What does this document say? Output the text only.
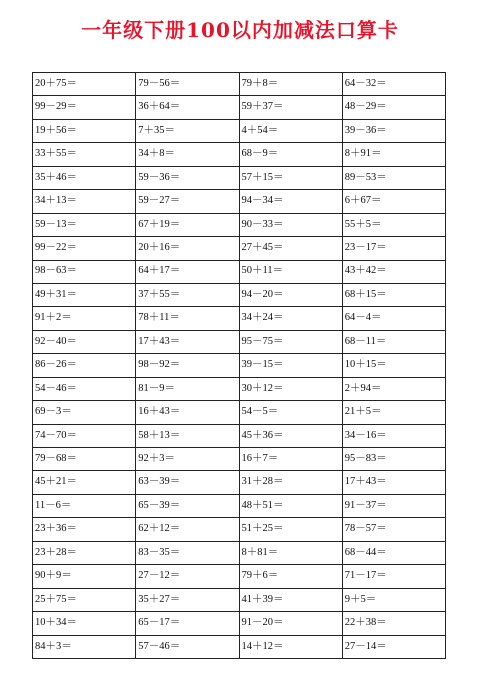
一年级下册100以内加减法口算卡
20＋75＝	79－56＝	79＋8＝	64－32＝
99－29＝	36＋64＝	59＋37＝	48－29＝
19＋56＝	7＋35＝	4＋54＝	39－36＝
33＋55＝	34＋8＝	68－9＝	8＋91＝
35＋46＝	59－36＝	57＋15＝	89－53＝
34＋13＝	59－27＝	94－34＝	6＋67＝
59－13＝	67＋19＝	90－33＝	55＋5＝
99－22＝	20＋16＝	27＋45＝	23－17＝
98－63＝	64＋17＝	50＋11＝	43＋42＝
49＋31＝	37＋55＝	94－20＝	68＋15＝
91＋2＝	78＋11＝	34＋24＝	64－4＝
92－40＝	17＋43＝	95－75＝	68－11＝
86－26＝	98－92＝	39－15＝	10＋15＝
54－46＝	81－9＝	30＋12＝	2＋94＝
69－3＝	16＋43＝	54－5＝	21＋5＝
74－70＝	58＋13＝	45＋36＝	34－16＝
79－68＝	92＋3＝	16＋7＝	95－83＝
45＋21＝	63－39＝	31＋28＝	17＋43＝
11－6＝	65－39＝	48＋51＝	91－37＝
23＋36＝	62＋12＝	51＋25＝	78－57＝
23＋28＝	83－35＝	8＋81＝	68－44＝
90＋9＝	27－12＝	79＋6＝	71－17＝
25＋75＝	35＋27＝	41＋39＝	9＋5＝
10＋34＝	65－17＝	91－20＝	22＋38＝
84＋3＝	57－46＝	14＋12＝	27－14＝
